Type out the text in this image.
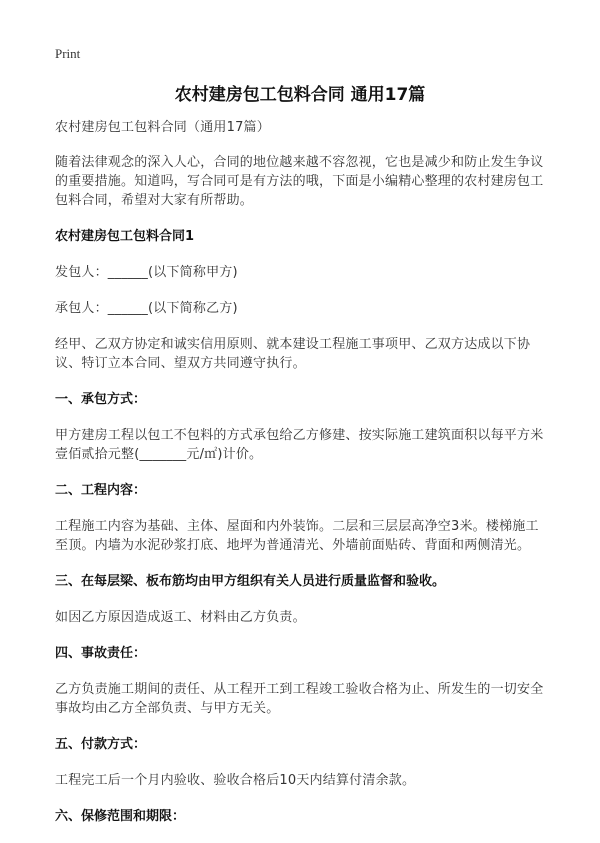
Print
农村建房包工包料合同 通用17篇

农村建房包工包料合同（通用17篇）

随着法律观念的深入人心，合同的地位越来越不容忽视，它也是减少和防止发生争议的重要措施。知道吗，写合同可是有方法的哦，下面是小编精心整理的农村建房包工包料合同，希望对大家有所帮助。

农村建房包工包料合同1

发包人：______(以下简称甲方)

承包人：______(以下简称乙方)

经甲、乙双方协定和诚实信用原则、就本建设工程施工事项甲、乙双方达成以下协议、特订立本合同、望双方共同遵守执行。

一、承包方式：

甲方建房工程以包工不包料的方式承包给乙方修建、按实际施工建筑面积以每平方米壹佰贰拾元整(_______元/㎡)计价。

二、工程内容：

工程施工内容为基础、主体、屋面和内外装饰。二层和三层层高净空3米。楼梯施工至顶。内墙为水泥砂浆打底、地坪为普通清光、外墙前面贴砖、背面和两侧清光。

三、在每层梁、板布筋均由甲方组织有关人员进行质量监督和验收。

如因乙方原因造成返工、材料由乙方负责。

四、事故责任：

乙方负责施工期间的责任、从工程开工到工程竣工验收合格为止、所发生的一切安全事故均由乙方全部负责、与甲方无关。

五、付款方式：

工程完工后一个月内验收、验收合格后10天内结算付清余款。

六、保修范围和期限：
